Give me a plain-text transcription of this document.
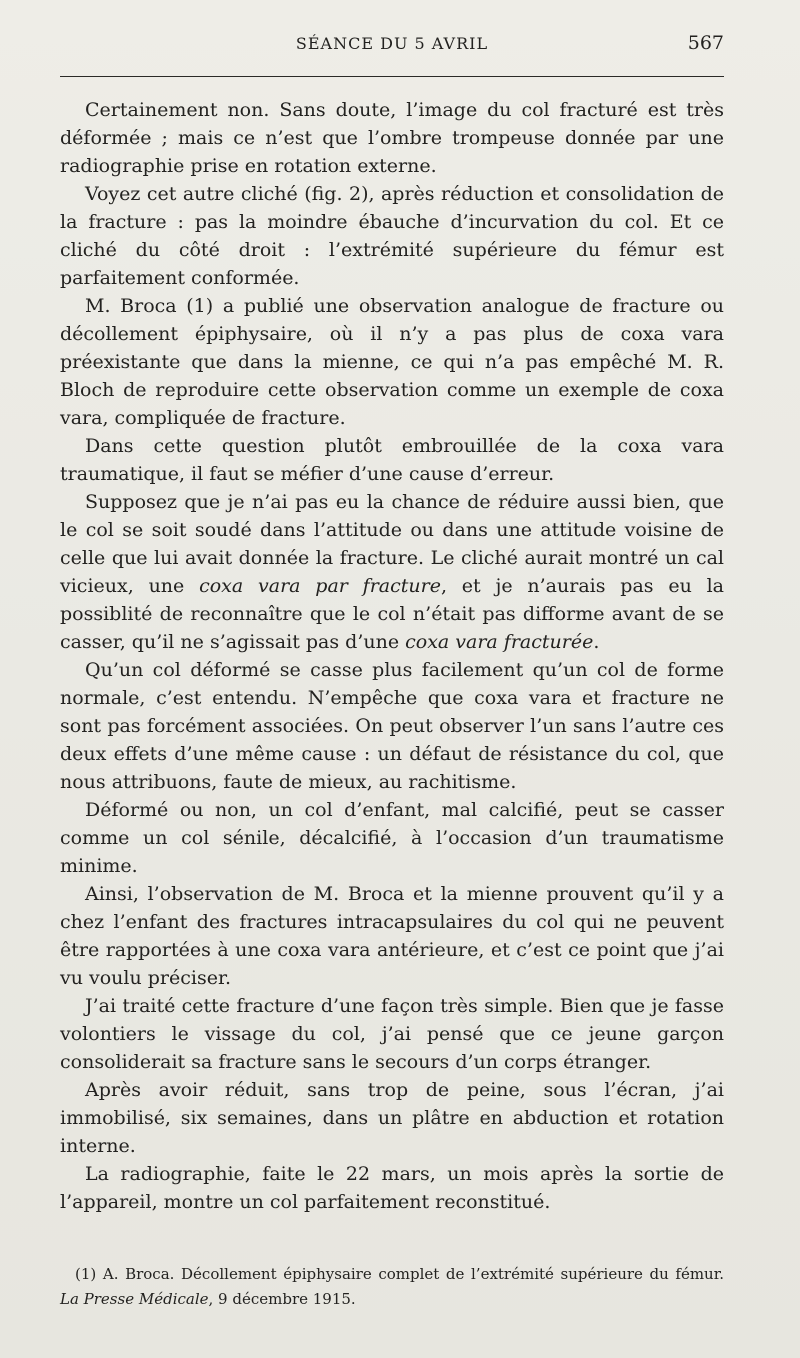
SÉANCE DU 5 AVRIL	567

Certainement non. Sans doute, l’image du col fracturé est très déformée ; mais ce n’est que l’ombre trompeuse donnée par une radiographie prise en rotation externe.

Voyez cet autre cliché (fig. 2), après réduction et consolidation de la fracture : pas la moindre ébauche d’incurvation du col. Et ce cliché du côté droit : l’extrémité supérieure du fémur est parfaitement conformée.

M. Broca (1) a publié une observation analogue de fracture ou décollement épiphysaire, où il n’y a pas plus de coxa vara préexistante que dans la mienne, ce qui n’a pas empêché M. R. Bloch de reproduire cette observation comme un exemple de coxa vara, compliquée de fracture.

Dans cette question plutôt embrouillée de la coxa vara traumatique, il faut se méfier d’une cause d’erreur.

Supposez que je n’ai pas eu la chance de réduire aussi bien, que le col se soit soudé dans l’attitude ou dans une attitude voisine de celle que lui avait donnée la fracture. Le cliché aurait montré un cal vicieux, une coxa vara par fracture, et je n’aurais pas eu la possiblité de reconnaître que le col n’était pas difforme avant de se casser, qu’il ne s’agissait pas d’une coxa vara fracturée.

Qu’un col déformé se casse plus facilement qu’un col de forme normale, c’est entendu. N’empêche que coxa vara et fracture ne sont pas forcément associées. On peut observer l’un sans l’autre ces deux effets d’une même cause : un défaut de résistance du col, que nous attribuons, faute de mieux, au rachitisme.

Déformé ou non, un col d’enfant, mal calcifié, peut se casser comme un col sénile, décalcifié, à l’occasion d’un traumatisme minime.

Ainsi, l’observation de M. Broca et la mienne prouvent qu’il y a chez l’enfant des fractures intracapsulaires du col qui ne peuvent être rapportées à une coxa vara antérieure, et c’est ce point que j’ai vu voulu préciser.

J’ai traité cette fracture d’une façon très simple. Bien que je fasse volontiers le vissage du col, j’ai pensé que ce jeune garçon consoliderait sa fracture sans le secours d’un corps étranger.

Après avoir réduit, sans trop de peine, sous l’écran, j’ai immobilisé, six semaines, dans un plâtre en abduction et rotation interne.

La radiographie, faite le 22 mars, un mois après la sortie de l’appareil, montre un col parfaitement reconstitué.

(1) A. Broca. Décollement épiphysaire complet de l’extrémité supérieure du fémur. La Presse Médicale, 9 décembre 1915.
